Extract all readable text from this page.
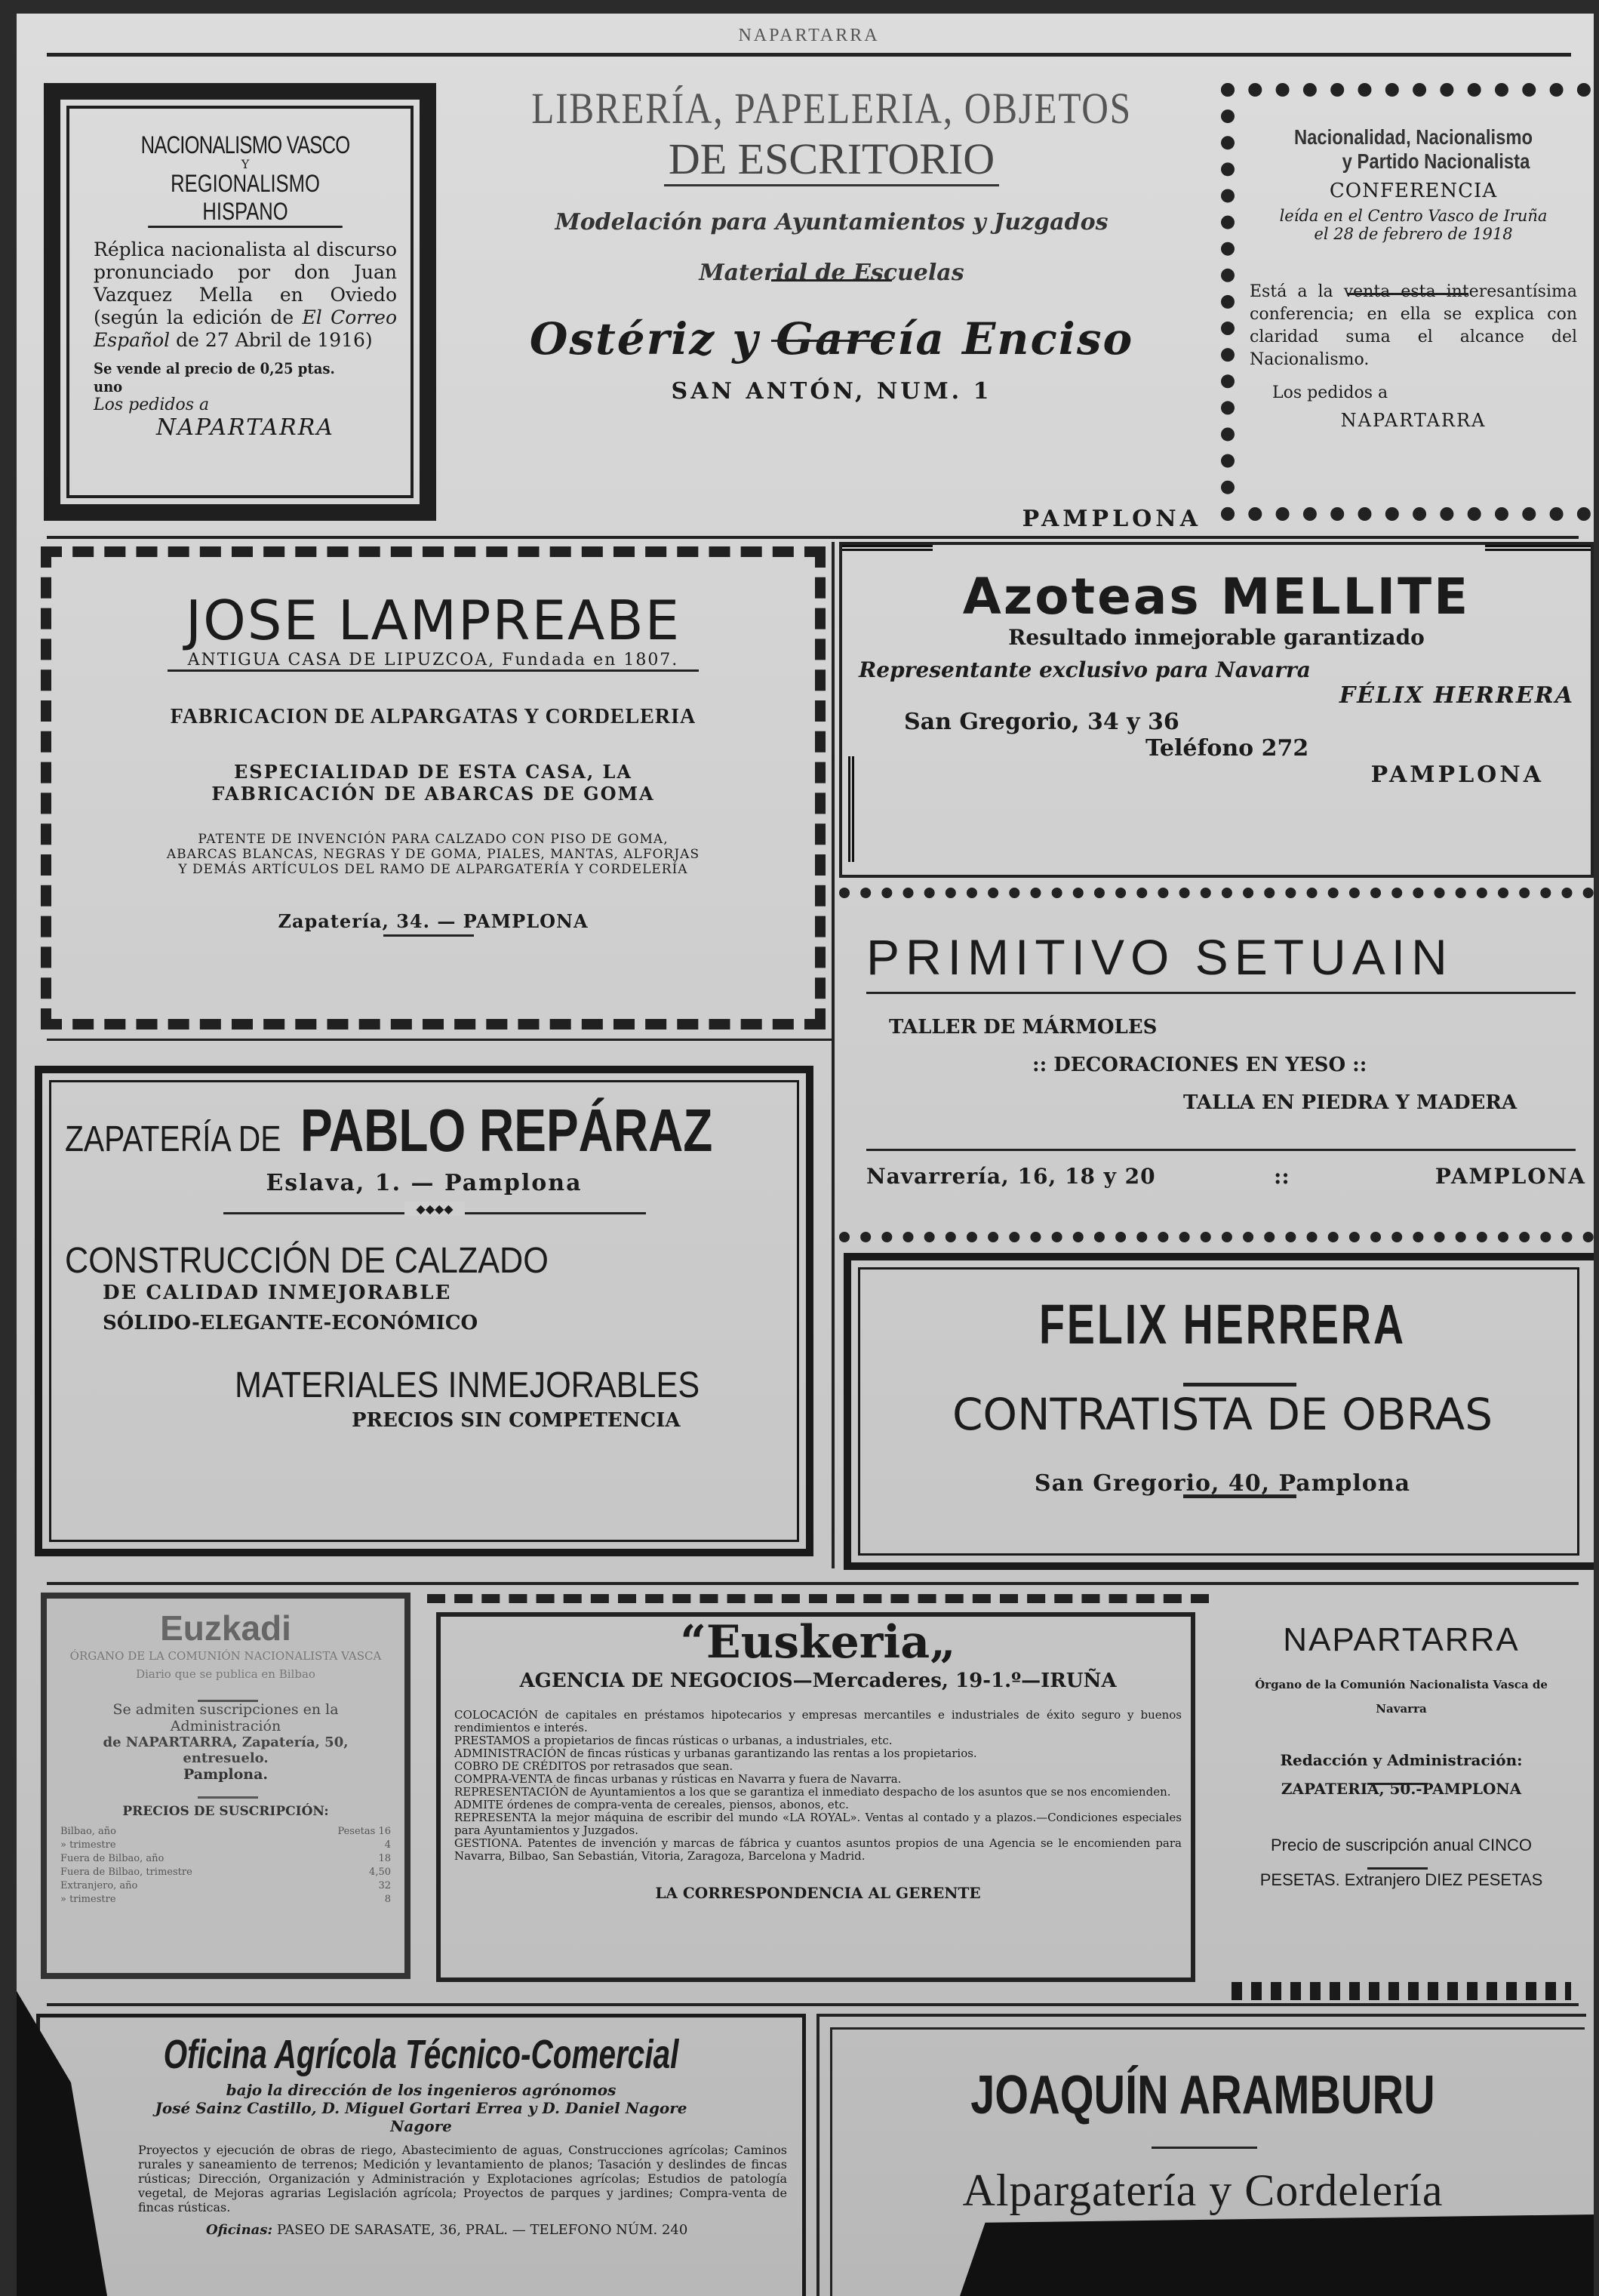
NAPARTARRA
NACIONALISMO VASCO
Y
REGIONALISMO HISPANO
Réplica nacionalista al discurso pronunciado por don Juan Vazquez Mella en Oviedo (según la edición de El Correo Español de 27 Abril de 1916)
Se vende al precio de 0,25 ptas. uno
Los pedidos a
NAPARTARRA
LIBRERÍA, PAPELERIA, OBJETOS
DE ESCRITORIO
Modelación para Ayuntamientos y Juzgados
Material de Escuelas
Ostériz y García Enciso
SAN ANTÓN, NUM. 1
PAMPLONA
Nacionalidad, Nacionalismo
y Partido Nacionalista
CONFERENCIA
leída en el Centro Vasco de Iruña
el 28 de febrero de 1918
Está a la venta esta interesantísima conferencia; en ella se explica con claridad suma el alcance del Nacionalismo.
Los pedidos a
NAPARTARRA
JOSE LAMPREABE
ANTIGUA CASA DE LIPUZCOA, Fundada en 1807.
FABRICACION DE ALPARGATAS Y CORDELERIA
ESPECIALIDAD DE ESTA CASA, LA
FABRICACIÓN DE ABARCAS DE GOMA
PATENTE DE INVENCIÓN PARA CALZADO CON PISO DE GOMA,
ABARCAS BLANCAS, NEGRAS Y DE GOMA, PIALES, MANTAS, ALFORJAS
Y DEMÁS ARTÍCULOS DEL RAMO DE ALPARGATERÍA Y CORDELERÍA
Zapatería, 34. — PAMPLONA
Azoteas MELLITE
Resultado inmejorable garantizado
Representante exclusivo para Navarra
FÉLIX HERRERA
San Gregorio, 34 y 36
Teléfono 272
PAMPLONA
PRIMITIVO SETUAIN
TALLER DE MÁRMOLES
:: DECORACIONES EN YESO ::
TALLA EN PIEDRA Y MADERA
Navarrería, 16, 18 y 20	::	PAMPLONA
ZAPATERÍA DE PABLO REPÁRAZ
Eslava, 1. — Pamplona
◆◆◆◆
CONSTRUCCIÓN DE CALZADO
DE CALIDAD INMEJORABLE
SÓLIDO-ELEGANTE-ECONÓMICO
MATERIALES INMEJORABLES
PRECIOS SIN COMPETENCIA
FELIX HERRERA
CONTRATISTA DE OBRAS
San Gregorio, 40, Pamplona
Euzkadi
ÓRGANO DE LA COMUNIÓN NACIONALISTA VASCA
Diario que se publica en Bilbao
Se admiten suscripciones en la Administración
de NAPARTARRA, Zapatería, 50, entresuelo.
Pamplona.
PRECIOS DE SUSCRIPCIÓN:
Bilbao, año	Pesetas 16
» trimestre	4
Fuera de Bilbao, año	18
Fuera de Bilbao, trimestre	4,50
Extranjero, año	32
» trimestre	8
“Euskeria„
AGENCIA DE NEGOCIOS—Mercaderes, 19-1.º—IRUÑA
COLOCACIÓN de capitales en préstamos hipotecarios y empresas mercantiles e industriales de éxito seguro y buenos rendimientos e interés.
PRESTAMOS a propietarios de fincas rústicas o urbanas, a industriales, etc.
ADMINISTRACIÓN de fincas rústicas y urbanas garantizando las rentas a los propietarios.
COBRO DE CRÉDITOS por retrasados que sean.
COMPRA-VENTA de fincas urbanas y rústicas en Navarra y fuera de Navarra.
REPRESENTACIÓN de Ayuntamientos a los que se garantiza el inmediato despacho de los asuntos que se nos encomienden.
ADMITE órdenes de compra-venta de cereales, piensos, abonos, etc.
REPRESENTA la mejor máquina de escribir del mundo «LA ROYAL». Ventas al contado y a plazos.—Condiciones especiales para Ayuntamientos y Juzgados.
GESTIONA. Patentes de invención y marcas de fábrica y cuantos asuntos propios de una Agencia se le encomienden para Navarra, Bilbao, San Sebastián, Vitoria, Zaragoza, Barcelona y Madrid.
LA CORRESPONDENCIA AL GERENTE
NAPARTARRA
Órgano de la Comunión Nacionalista Vasca de Navarra
Redacción y Administración:
ZAPATERIA, 50.-PAMPLONA
Precio de suscripción anual CINCO PESETAS. Extranjero DIEZ PESETAS
Oficina Agrícola Técnico-Comercial
bajo la dirección de los ingenieros agrónomos
José Sainz Castillo, D. Miguel Gortari Errea y D. Daniel Nagore
Nagore
Proyectos y ejecución de obras de riego, Abastecimiento de aguas, Construcciones agrícolas; Caminos rurales y saneamiento de terrenos; Medición y levantamiento de planos; Tasación y deslindes de fincas rústicas; Dirección, Organización y Administración y Explotaciones agrícolas; Estudios de patología vegetal, de Mejoras agrarias Legislación agrícola; Proyectos de parques y jardines; Compra-venta de fincas rústicas.
Oficinas: PASEO DE SARASATE, 36, PRAL. — TELEFONO NÚM. 240
JOAQUÍN ARAMBURU
Alpargatería y Cordelería
